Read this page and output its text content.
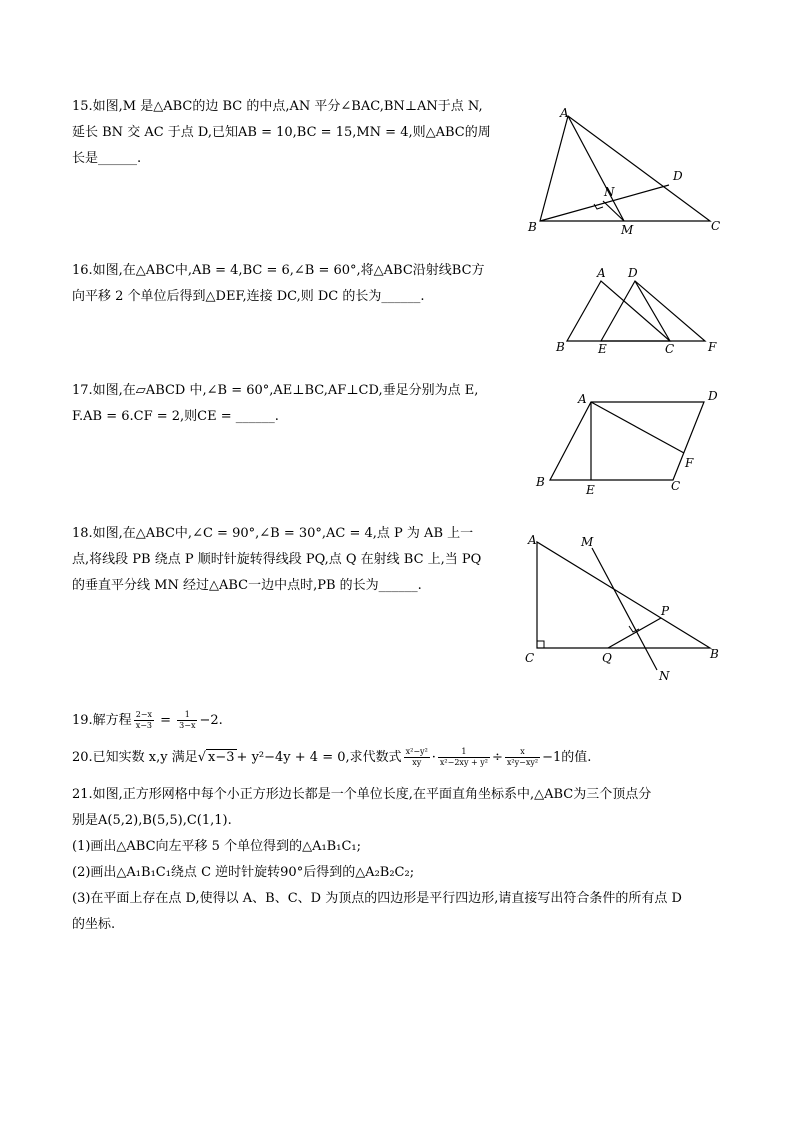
15.如图,M 是△ABC的边 BC 的中点,AN 平分∠BAC,BN⊥AN于点 N,

延长 BN 交 AC 于点 D,已知AB = 10,BC = 15,MN = 4,则△ABC的周

长是______.

A
B	C
D
N
M

16.如图,在△ABC中,AB = 4,BC = 6,∠B = 60°,将△ABC沿射线BC方

向平移 2 个单位后得到△DEF,连接 DC,则 DC 的长为______.

A
B	C
D
E	F

17.如图,在▱ABCD 中,∠B = 60°,AE⊥BC,AF⊥CD,垂足分别为点 E,

F.AB = 6.CF = 2,则CE = ______.

A
B	C
D
E
F

18.如图,在△ABC中,∠C = 90°,∠B = 30°,AC = 4,点 P 为 AB 上一

点,将线段 PB 绕点 P 顺时针旋转得线段 PQ,点 Q 在射线 BC 上,当 PQ

的垂直平分线 MN 经过△ABC一边中点时,PB 的长为______.

A
B
C
M
N
P
Q

19.解方程 $\frac{2-x}{x-3} = \frac{1}{3-x} -2$.

20.已知实数 x,y 满足√ x−3 + y²−4y + 4 = 0,求代数式 $\frac{\text{x²−y²}}{xy} \cdot \frac{1}{\text{x²−2xy + y²}} \div \frac{x}{\text{x²y−xy²}} -1$的值.

21.如图,正方形网格中每个小正方形边长都是一个单位长度,在平面直角坐标系中,△ABC为三个顶点分

别是A(5,2),B(5,5),C(1,1).

(1)画出△ABC向左平移 5 个单位得到的△A₁B₁C₁;

(2)画出△A₁B₁C₁绕点 C 逆时针旋转90°后得到的△A₂B₂C₂;

(3)在平面上存在点 D,使得以 A、B、C、D 为顶点的四边形是平行四边形,请直接写出符合条件的所有点 D

的坐标.
